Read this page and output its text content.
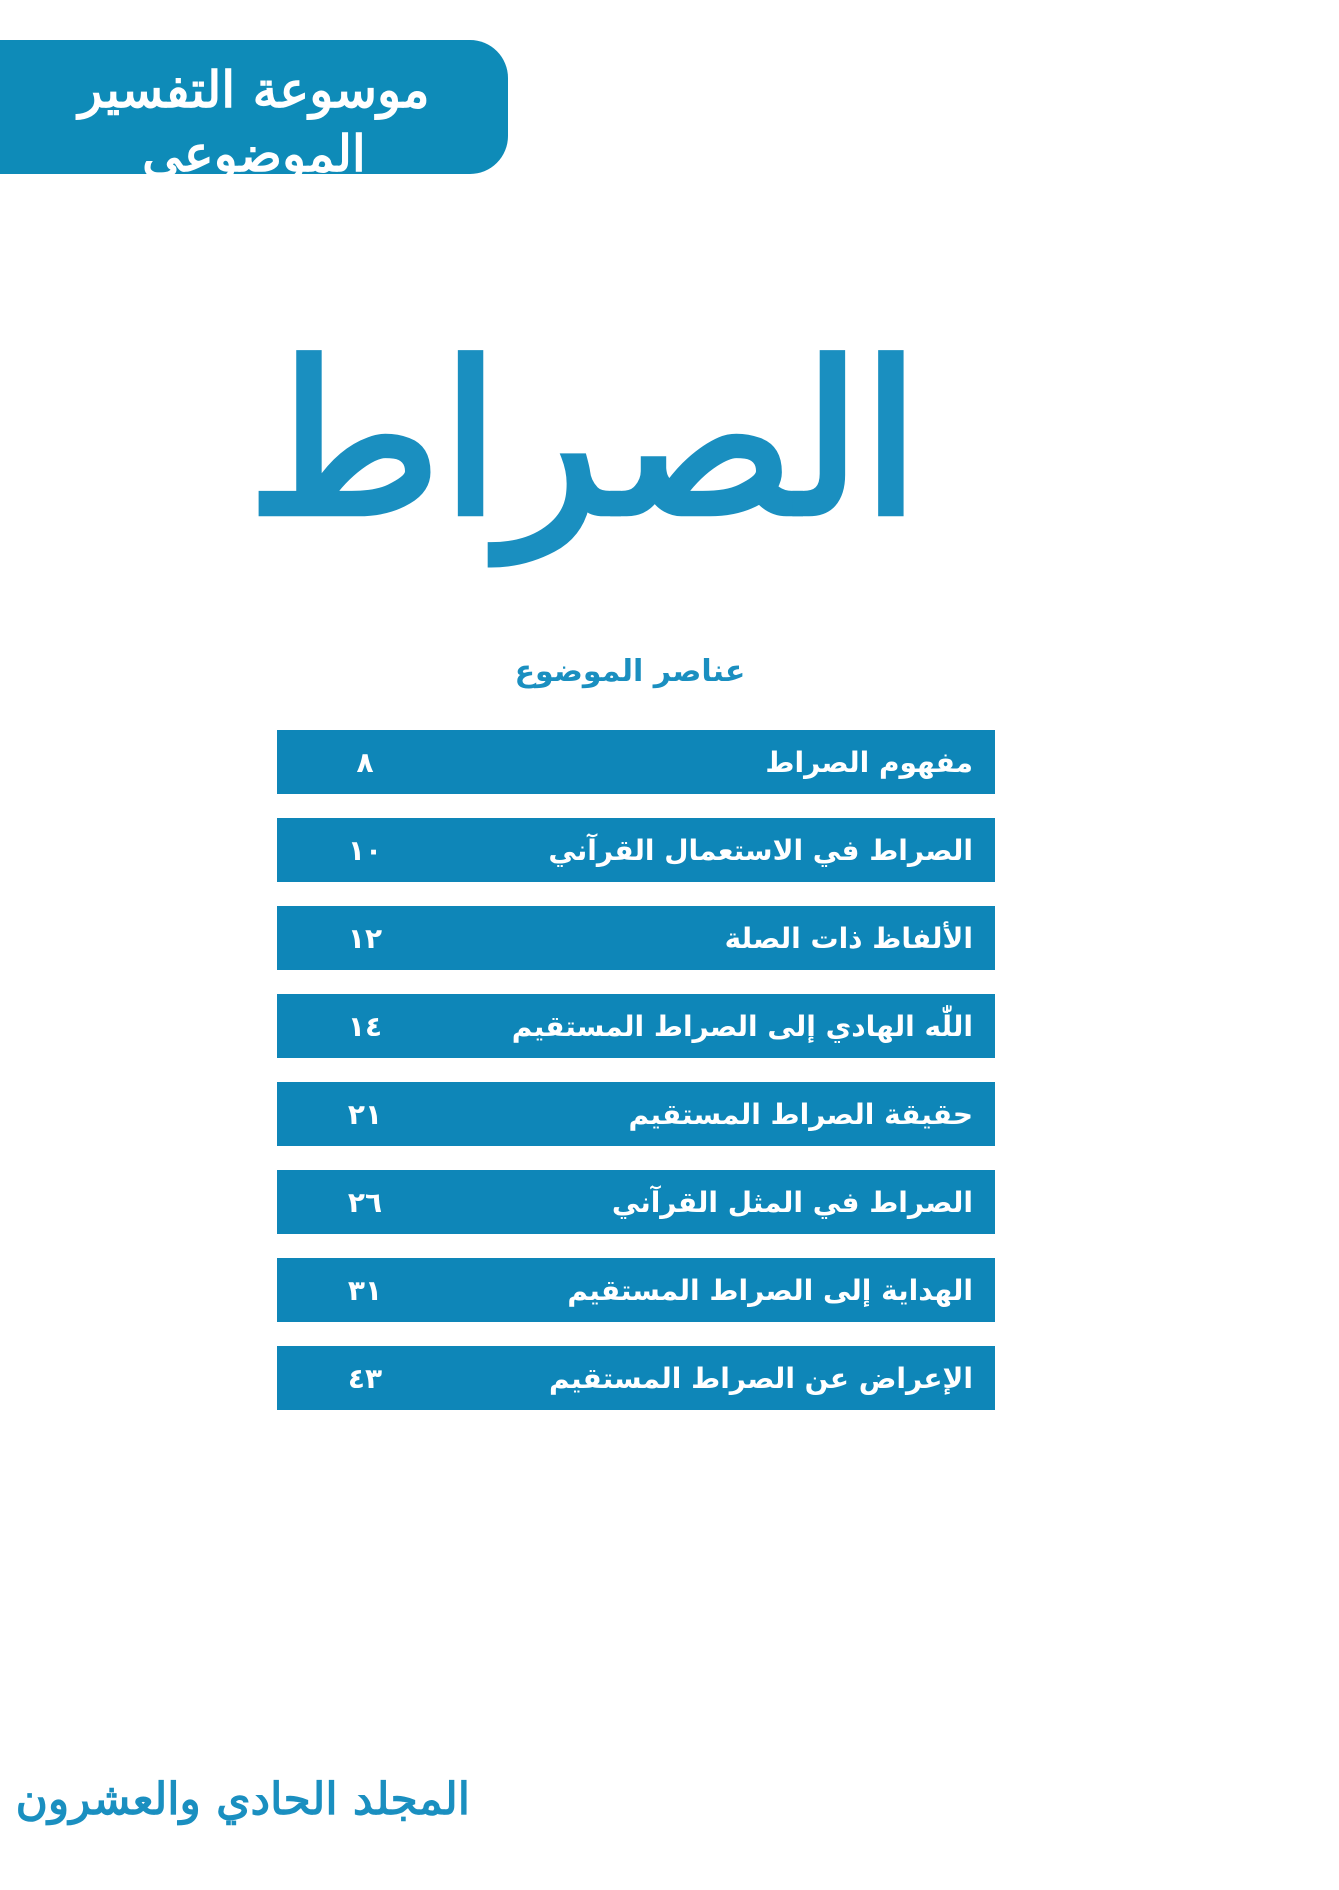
موسوعة التفسير الموضوعي
للقرآن الكريم
الصراط
عناصر الموضوع
مفهوم الصراط
٨
الصراط في الاستعمال القرآني
١٠
الألفاظ ذات الصلة
١٢
اللّٰه الهادي إلى الصراط المستقيم
١٤
حقيقة الصراط المستقيم
٢١
الصراط في المثل القرآني
٢٦
الهداية إلى الصراط المستقيم
٣١
الإعراض عن الصراط المستقيم
٤٣
المجلد الحادي والعشرون
